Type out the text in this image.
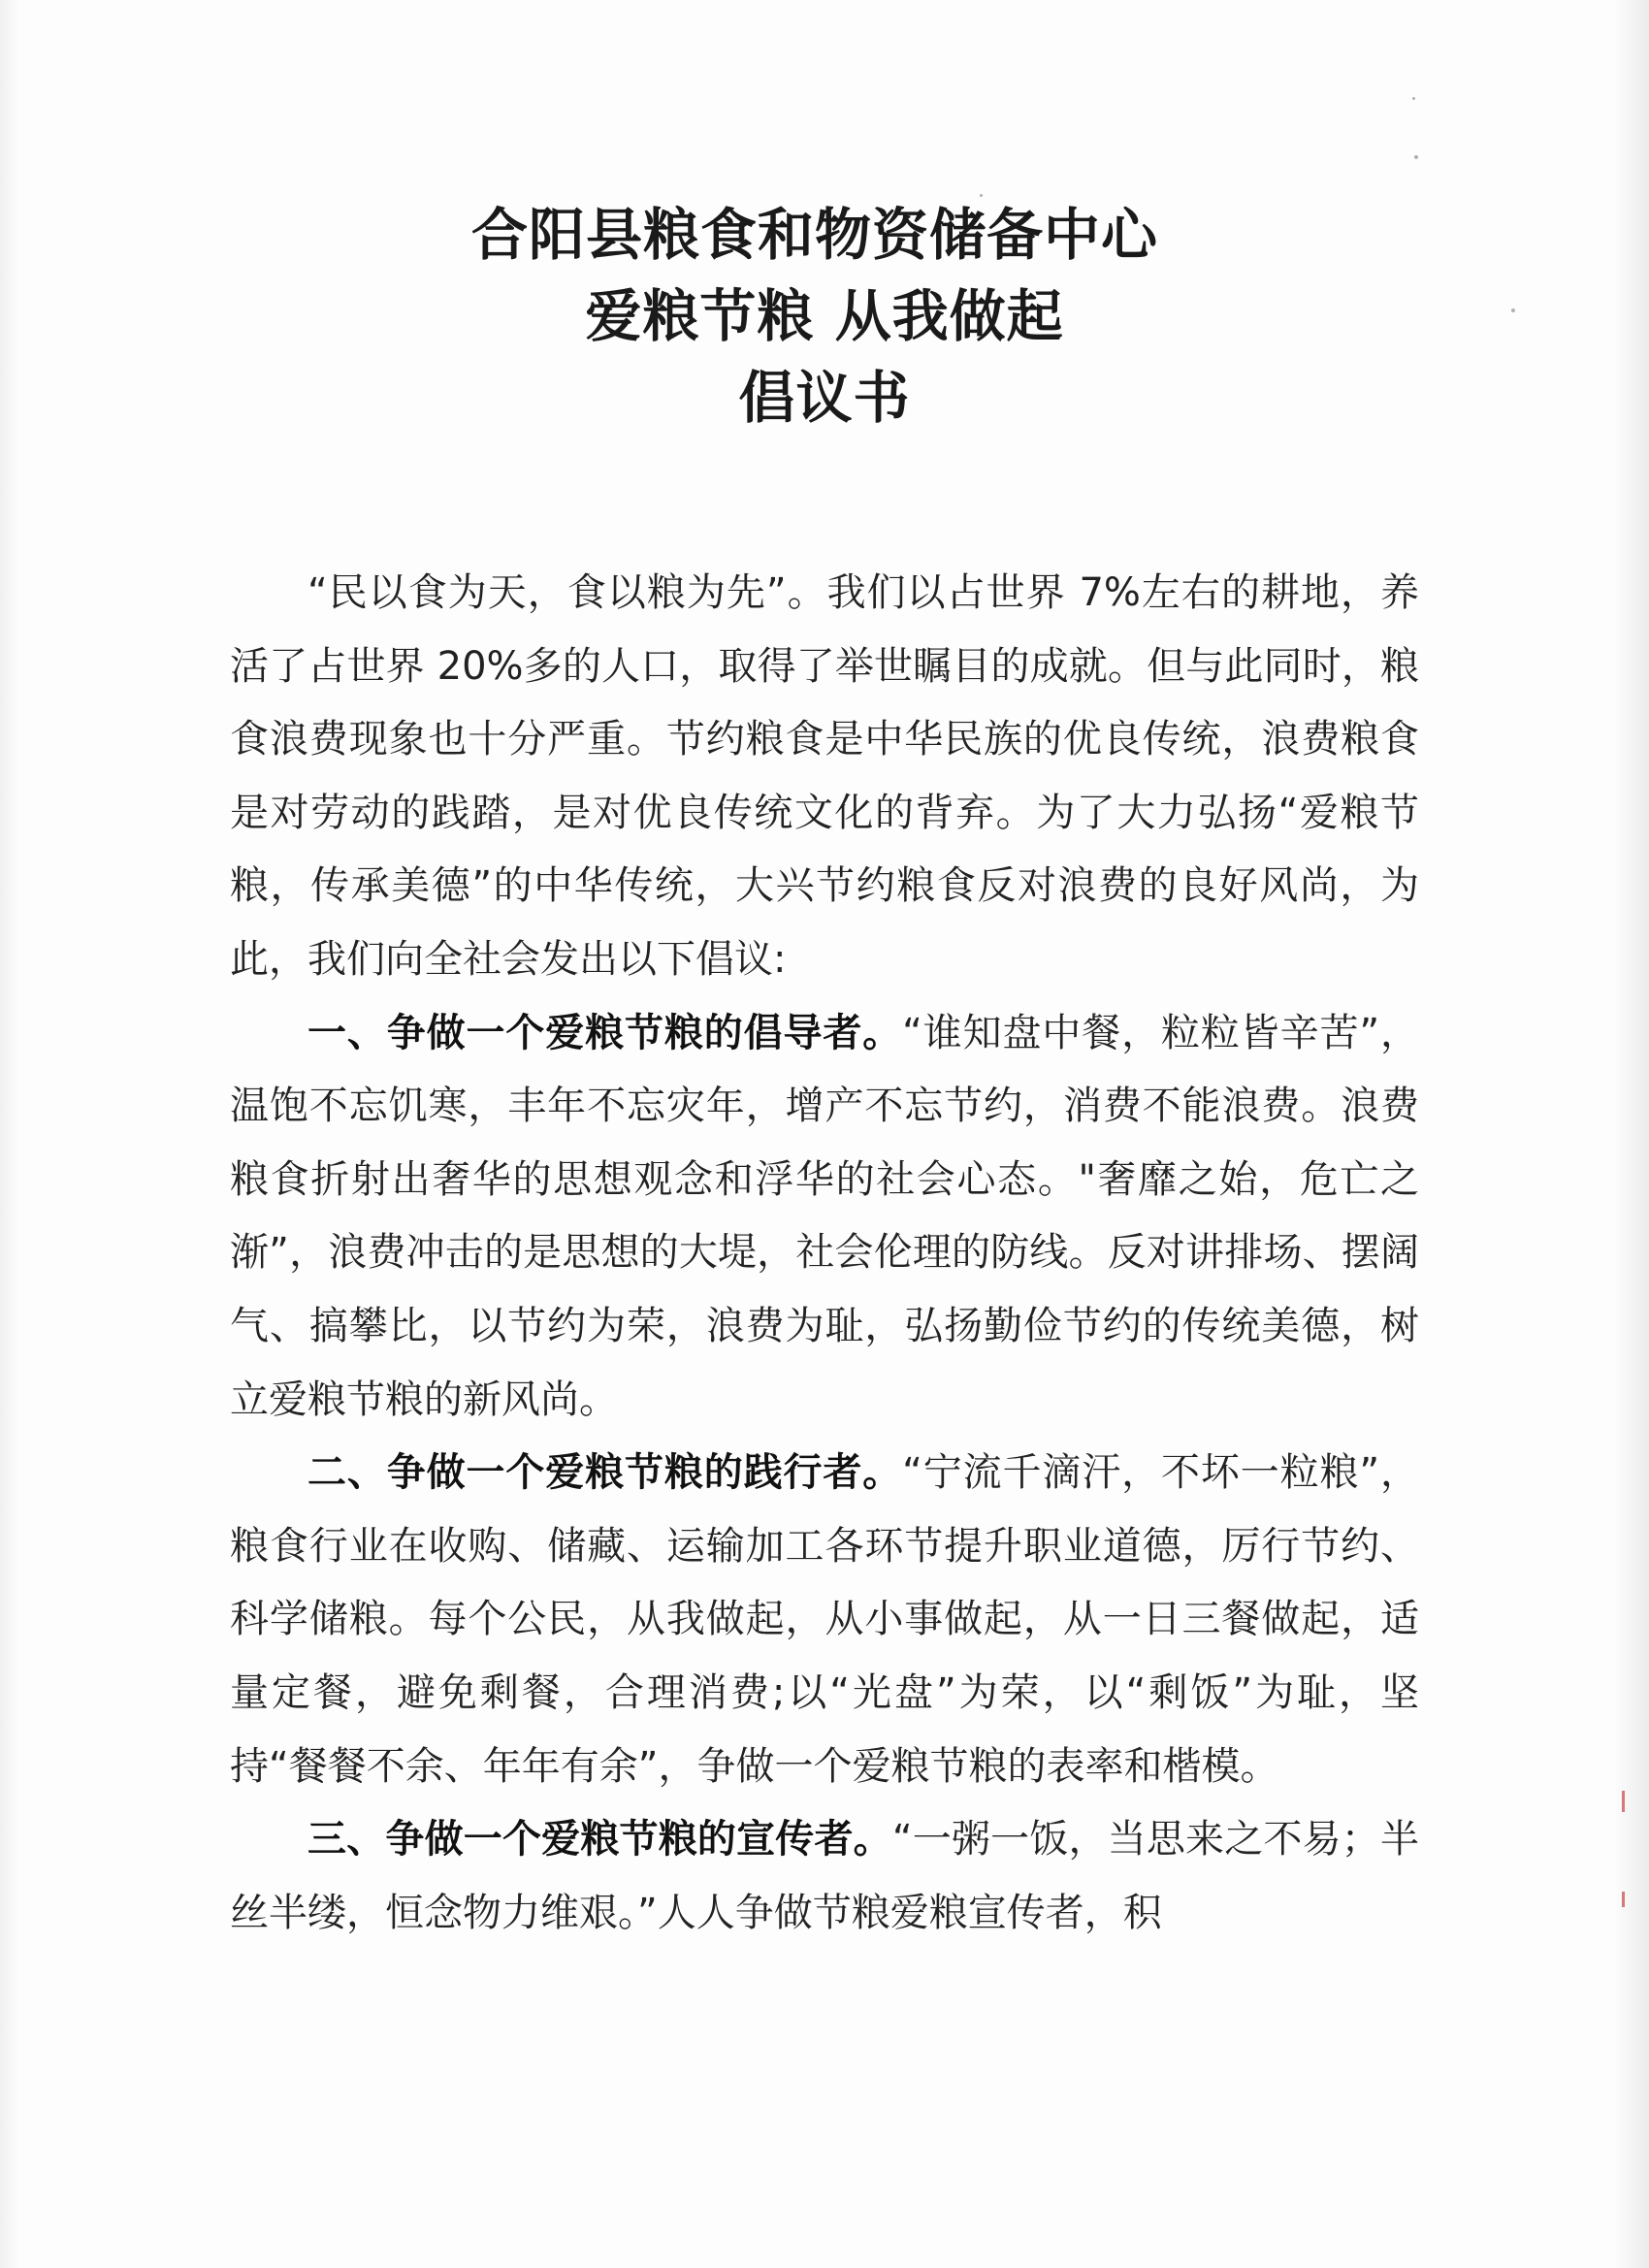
合阳县粮食和物资储备中心
爱粮节粮 从我做起
倡议书

“民以食为天，食以粮为先”。我们以占世界 7%左右的耕地，养活了占世界 20%多的人口，取得了举世瞩目的成就。但与此同时，粮食浪费现象也十分严重。节约粮食是中华民族的优良传统，浪费粮食是对劳动的践踏，是对优良传统文化的背弃。为了大力弘扬“爱粮节粮，传承美德”的中华传统，大兴节约粮食反对浪费的良好风尚，为此，我们向全社会发出以下倡议:

一、争做一个爱粮节粮的倡导者。“谁知盘中餐，粒粒皆辛苦”，温饱不忘饥寒，丰年不忘灾年，增产不忘节约，消费不能浪费。浪费粮食折射出奢华的思想观念和浮华的社会心态。"奢靡之始，危亡之渐”，浪费冲击的是思想的大堤，社会伦理的防线。反对讲排场、摆阔气、搞攀比，以节约为荣，浪费为耻，弘扬勤俭节约的传统美德，树立爱粮节粮的新风尚。

二、争做一个爱粮节粮的践行者。“宁流千滴汗，不坏一粒粮”，粮食行业在收购、储藏、运输加工各环节提升职业道德，厉行节约、科学储粮。每个公民，从我做起，从小事做起，从一日三餐做起，适量定餐，避免剩餐，合理消费;以“光盘”为荣，以“剩饭”为耻，坚持“餐餐不余、年年有余”，争做一个爱粮节粮的表率和楷模。

三、争做一个爱粮节粮的宣传者。“一粥一饭，当思来之不易；半丝半缕，恒念物力维艰。”人人争做节粮爱粮宣传者，积
